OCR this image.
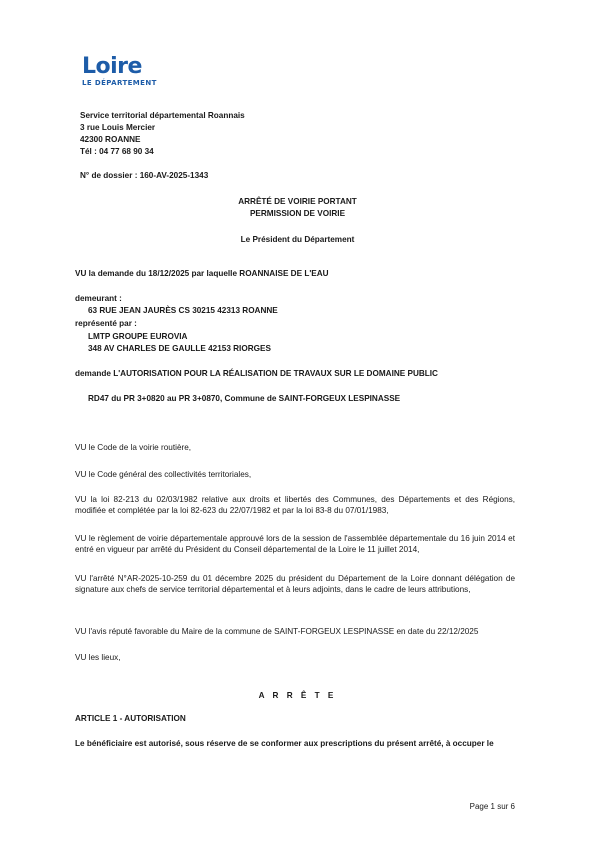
Loire
LE DÉPARTEMENT
Service territorial départemental Roannais
3 rue Louis Mercier
42300 ROANNE
Tél : 04 77 68 90 34
N° de dossier : 160-AV-2025-1343
ARRÊTÉ DE VOIRIE PORTANT
PERMISSION DE VOIRIE
Le Président du Département
VU la demande du 18/12/2025 par laquelle ROANNAISE DE L'EAU
demeurant :
63 RUE JEAN JAURÈS CS 30215 42313 ROANNE
représenté par :
LMTP GROUPE EUROVIA
348 AV CHARLES DE GAULLE 42153 RIORGES
demande L'AUTORISATION POUR LA RÉALISATION DE TRAVAUX SUR LE DOMAINE PUBLIC
RD47 du PR 3+0820 au PR 3+0870, Commune de SAINT-FORGEUX LESPINASSE
VU le Code de la voirie routière,
VU le Code général des collectivités territoriales,
VU la loi 82-213 du 02/03/1982 relative aux droits et libertés des Communes, des Départements et des Régions, modifiée et complétée par la loi 82-623 du 22/07/1982 et par la loi 83-8 du 07/01/1983,
VU le règlement de voirie départementale approuvé lors de la session de l'assemblée départementale du 16 juin 2014 et entré en vigueur par arrêté du Président du Conseil départemental de la Loire le 11 juillet 2014,
VU l'arrêté N°AR-2025-10-259 du 01 décembre 2025 du président du Département de la Loire donnant délégation de signature aux chefs de service territorial départemental et à leurs adjoints, dans le cadre de leurs attributions,
VU l'avis réputé favorable du Maire de la commune de SAINT-FORGEUX LESPINASSE en date du 22/12/2025
VU les lieux,
A R R Ê T E
ARTICLE 1 - AUTORISATION
Le bénéficiaire est autorisé, sous réserve de se conformer aux prescriptions du présent arrêté, à occuper le
Page 1 sur 6
